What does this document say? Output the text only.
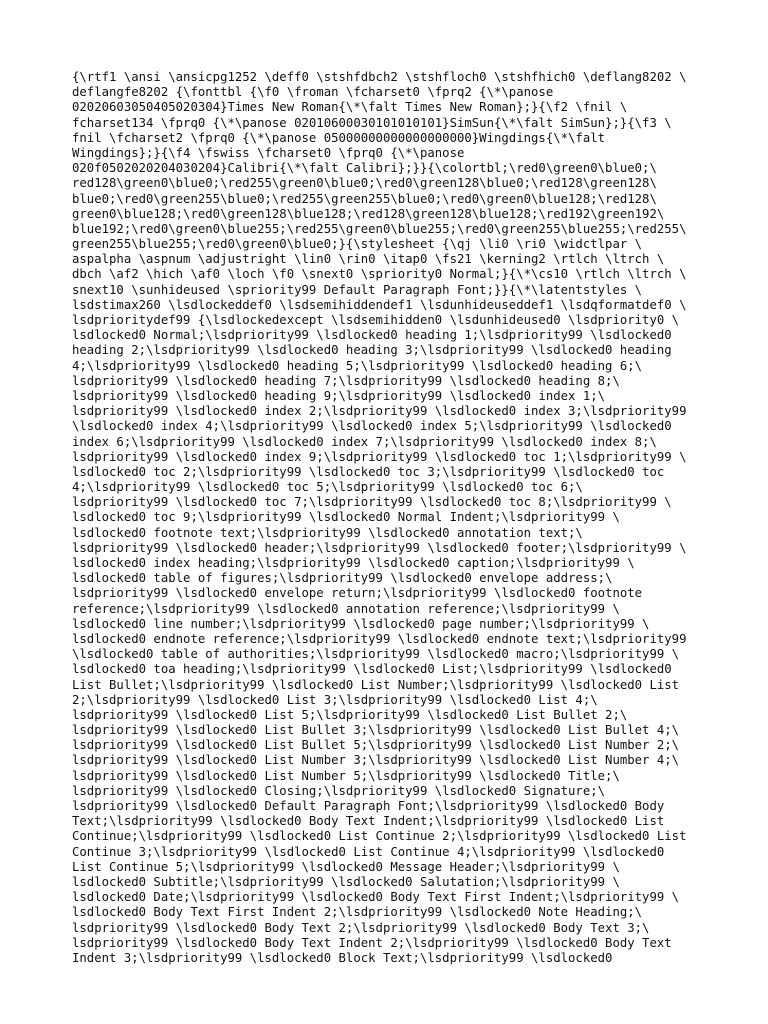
{\rtf1 \ansi \ansicpg1252 \deff0 \stshfdbch2 \stshfloch0 \stshfhich0 \deflang8202 \
deflangfe8202 {\fonttbl {\f0 \froman \fcharset0 \fprq2 {\*\panose
02020603050405020304}Times New Roman{\*\falt Times New Roman};}{\f2 \fnil \
fcharset134 \fprq0 {\*\panose 02010600030101010101}SimSun{\*\falt SimSun};}{\f3 \
fnil \fcharset2 \fprq0 {\*\panose 05000000000000000000}Wingdings{\*\falt
Wingdings};}{\f4 \fswiss \fcharset0 \fprq0 {\*\panose
020f0502020204030204}Calibri{\*\falt Calibri};}}{\colortbl;\red0\green0\blue0;\
red128\green0\blue0;\red255\green0\blue0;\red0\green128\blue0;\red128\green128\
blue0;\red0\green255\blue0;\red255\green255\blue0;\red0\green0\blue128;\red128\
green0\blue128;\red0\green128\blue128;\red128\green128\blue128;\red192\green192\
blue192;\red0\green0\blue255;\red255\green0\blue255;\red0\green255\blue255;\red255\
green255\blue255;\red0\green0\blue0;}{\stylesheet {\qj \li0 \ri0 \widctlpar \
aspalpha \aspnum \adjustright \lin0 \rin0 \itap0 \fs21 \kerning2 \rtlch \ltrch \
dbch \af2 \hich \af0 \loch \f0 \snext0 \spriority0 Normal;}{\*\cs10 \rtlch \ltrch \
snext10 \sunhideused \spriority99 Default Paragraph Font;}}{\*\latentstyles \
lsdstimax260 \lsdlockeddef0 \lsdsemihiddendef1 \lsdunhideuseddef1 \lsdqformatdef0 \
lsdprioritydef99 {\lsdlockedexcept \lsdsemihidden0 \lsdunhideused0 \lsdpriority0 \
lsdlocked0 Normal;\lsdpriority99 \lsdlocked0 heading 1;\lsdpriority99 \lsdlocked0
heading 2;\lsdpriority99 \lsdlocked0 heading 3;\lsdpriority99 \lsdlocked0 heading
4;\lsdpriority99 \lsdlocked0 heading 5;\lsdpriority99 \lsdlocked0 heading 6;\
lsdpriority99 \lsdlocked0 heading 7;\lsdpriority99 \lsdlocked0 heading 8;\
lsdpriority99 \lsdlocked0 heading 9;\lsdpriority99 \lsdlocked0 index 1;\
lsdpriority99 \lsdlocked0 index 2;\lsdpriority99 \lsdlocked0 index 3;\lsdpriority99
\lsdlocked0 index 4;\lsdpriority99 \lsdlocked0 index 5;\lsdpriority99 \lsdlocked0
index 6;\lsdpriority99 \lsdlocked0 index 7;\lsdpriority99 \lsdlocked0 index 8;\
lsdpriority99 \lsdlocked0 index 9;\lsdpriority99 \lsdlocked0 toc 1;\lsdpriority99 \
lsdlocked0 toc 2;\lsdpriority99 \lsdlocked0 toc 3;\lsdpriority99 \lsdlocked0 toc
4;\lsdpriority99 \lsdlocked0 toc 5;\lsdpriority99 \lsdlocked0 toc 6;\
lsdpriority99 \lsdlocked0 toc 7;\lsdpriority99 \lsdlocked0 toc 8;\lsdpriority99 \
lsdlocked0 toc 9;\lsdpriority99 \lsdlocked0 Normal Indent;\lsdpriority99 \
lsdlocked0 footnote text;\lsdpriority99 \lsdlocked0 annotation text;\
lsdpriority99 \lsdlocked0 header;\lsdpriority99 \lsdlocked0 footer;\lsdpriority99 \
lsdlocked0 index heading;\lsdpriority99 \lsdlocked0 caption;\lsdpriority99 \
lsdlocked0 table of figures;\lsdpriority99 \lsdlocked0 envelope address;\
lsdpriority99 \lsdlocked0 envelope return;\lsdpriority99 \lsdlocked0 footnote
reference;\lsdpriority99 \lsdlocked0 annotation reference;\lsdpriority99 \
lsdlocked0 line number;\lsdpriority99 \lsdlocked0 page number;\lsdpriority99 \
lsdlocked0 endnote reference;\lsdpriority99 \lsdlocked0 endnote text;\lsdpriority99
\lsdlocked0 table of authorities;\lsdpriority99 \lsdlocked0 macro;\lsdpriority99 \
lsdlocked0 toa heading;\lsdpriority99 \lsdlocked0 List;\lsdpriority99 \lsdlocked0
List Bullet;\lsdpriority99 \lsdlocked0 List Number;\lsdpriority99 \lsdlocked0 List
2;\lsdpriority99 \lsdlocked0 List 3;\lsdpriority99 \lsdlocked0 List 4;\
lsdpriority99 \lsdlocked0 List 5;\lsdpriority99 \lsdlocked0 List Bullet 2;\
lsdpriority99 \lsdlocked0 List Bullet 3;\lsdpriority99 \lsdlocked0 List Bullet 4;\
lsdpriority99 \lsdlocked0 List Bullet 5;\lsdpriority99 \lsdlocked0 List Number 2;\
lsdpriority99 \lsdlocked0 List Number 3;\lsdpriority99 \lsdlocked0 List Number 4;\
lsdpriority99 \lsdlocked0 List Number 5;\lsdpriority99 \lsdlocked0 Title;\
lsdpriority99 \lsdlocked0 Closing;\lsdpriority99 \lsdlocked0 Signature;\
lsdpriority99 \lsdlocked0 Default Paragraph Font;\lsdpriority99 \lsdlocked0 Body
Text;\lsdpriority99 \lsdlocked0 Body Text Indent;\lsdpriority99 \lsdlocked0 List
Continue;\lsdpriority99 \lsdlocked0 List Continue 2;\lsdpriority99 \lsdlocked0 List
Continue 3;\lsdpriority99 \lsdlocked0 List Continue 4;\lsdpriority99 \lsdlocked0
List Continue 5;\lsdpriority99 \lsdlocked0 Message Header;\lsdpriority99 \
lsdlocked0 Subtitle;\lsdpriority99 \lsdlocked0 Salutation;\lsdpriority99 \
lsdlocked0 Date;\lsdpriority99 \lsdlocked0 Body Text First Indent;\lsdpriority99 \
lsdlocked0 Body Text First Indent 2;\lsdpriority99 \lsdlocked0 Note Heading;\
lsdpriority99 \lsdlocked0 Body Text 2;\lsdpriority99 \lsdlocked0 Body Text 3;\
lsdpriority99 \lsdlocked0 Body Text Indent 2;\lsdpriority99 \lsdlocked0 Body Text
Indent 3;\lsdpriority99 \lsdlocked0 Block Text;\lsdpriority99 \lsdlocked0
